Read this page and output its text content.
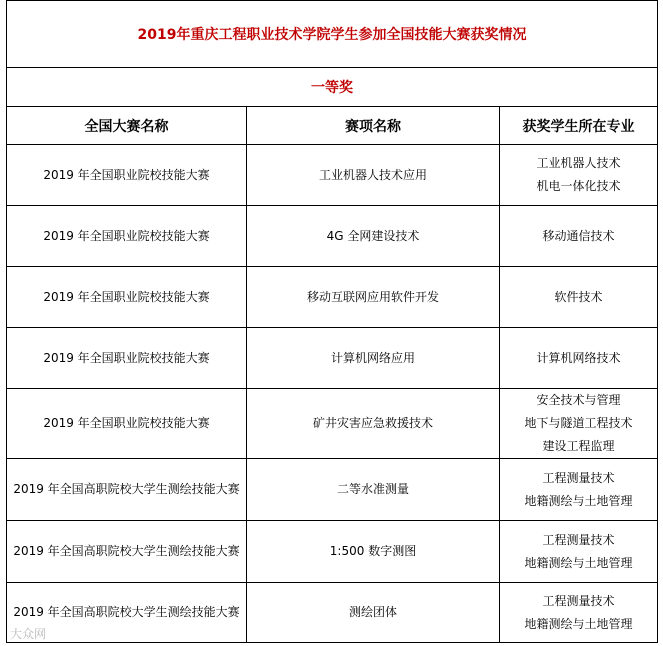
2019年重庆工程职业技术学院学生参加全国技能大赛获奖情况		
一等奖		
全国大赛名称	赛项名称	获奖学生所在专业
2019 年全国职业院校技能大赛	工业机器人技术应用	工业机器人技术
机电一体化技术

2019 年全国职业院校技能大赛	4G 全网建设技术	移动通信技术

2019 年全国职业院校技能大赛	移动互联网应用软件开发	软件技术

2019 年全国职业院校技能大赛	计算机网络应用	计算机网络技术

2019 年全国职业院校技能大赛	矿井灾害应急救援技术	安全技术与管理
地下与隧道工程技术
建设工程监理

2019 年全国高职院校大学生测绘技能大赛	二等水准测量	工程测量技术
地籍测绘与土地管理

2019 年全国高职院校大学生测绘技能大赛	1:500 数字测图	工程测量技术
地籍测绘与土地管理

2019 年全国高职院校大学生测绘技能大赛	测绘团体	工程测量技术
地籍测绘与土地管理
大众网
